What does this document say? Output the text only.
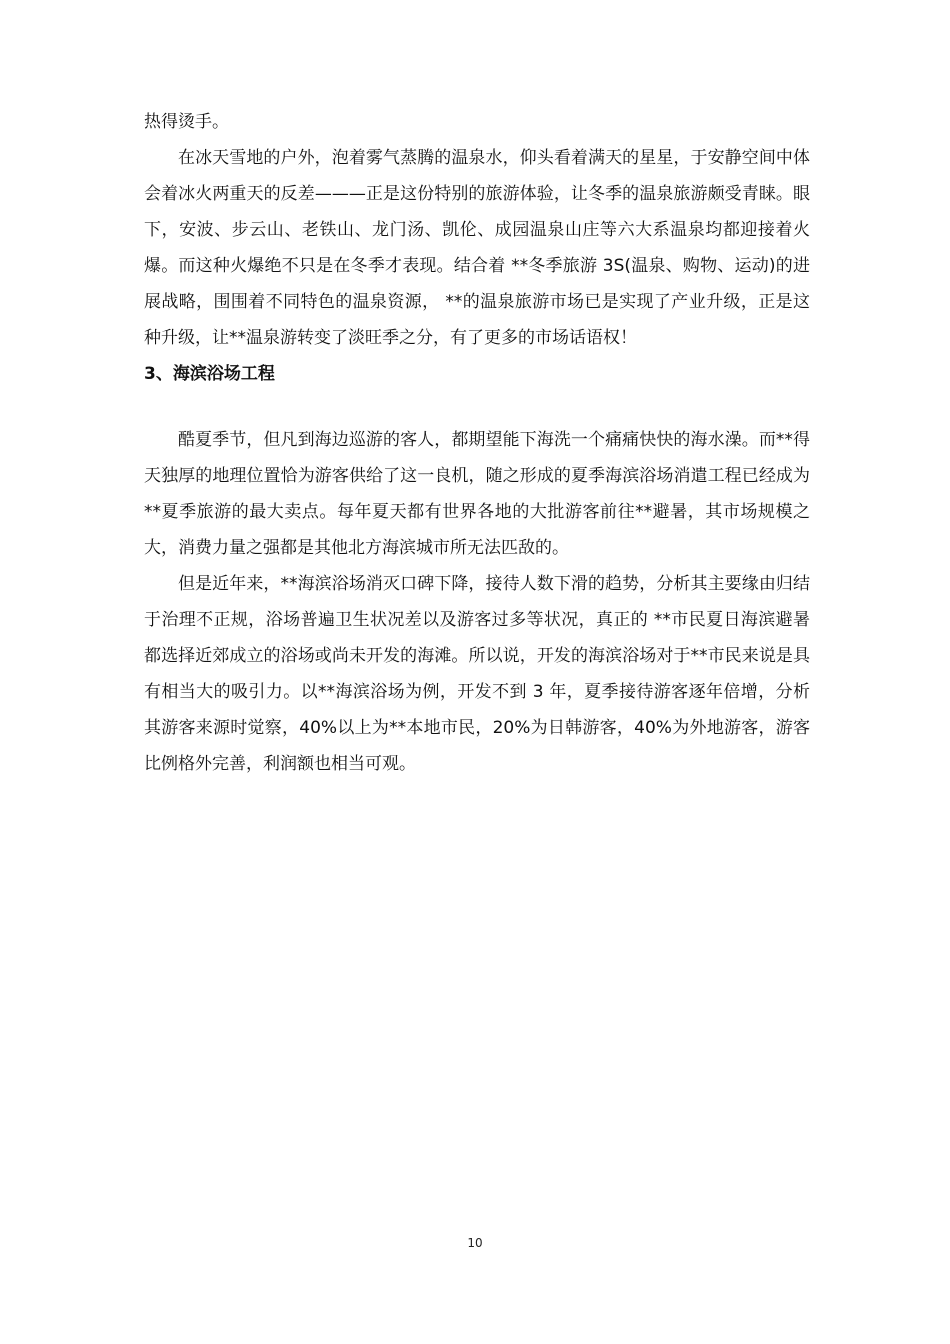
热得烫手。

在冰天雪地的户外，泡着雾气蒸腾的温泉水，仰头看着满天的星星，于安静空间中体会着冰火两重天的反差———正是这份特别的旅游体验，让冬季的温泉旅游颇受青睐。眼下，安波、步云山、老铁山、龙门汤、凯伦、成园温泉山庄等六大系温泉均都迎接着火爆。而这种火爆绝不只是在冬季才表现。结合着 **冬季旅游 3S(温泉、购物、运动)的进展战略，围围着不同特色的温泉资源， **的温泉旅游市场已是实现了产业升级，正是这种升级，让**温泉游转变了淡旺季之分，有了更多的市场话语权！

3、海滨浴场工程

酷夏季节，但凡到海边巡游的客人，都期望能下海洗一个痛痛快快的海水澡。而**得天独厚的地理位置恰为游客供给了这一良机，随之形成的夏季海滨浴场消遣工程已经成为**夏季旅游的最大卖点。每年夏天都有世界各地的大批游客前往**避暑，其市场规模之大，消费力量之强都是其他北方海滨城市所无法匹敌的。

但是近年来，**海滨浴场消灭口碑下降，接待人数下滑的趋势，分析其主要缘由归结于治理不正规，浴场普遍卫生状况差以及游客过多等状况，真正的 **市民夏日海滨避暑都选择近郊成立的浴场或尚未开发的海滩。所以说，开发的海滨浴场对于**市民来说是具有相当大的吸引力。以**海滨浴场为例，开发不到 3 年，夏季接待游客逐年倍增，分析其游客来源时觉察，40%以上为**本地市民，20%为日韩游客，40%为外地游客，游客比例格外完善，利润额也相当可观。

10
